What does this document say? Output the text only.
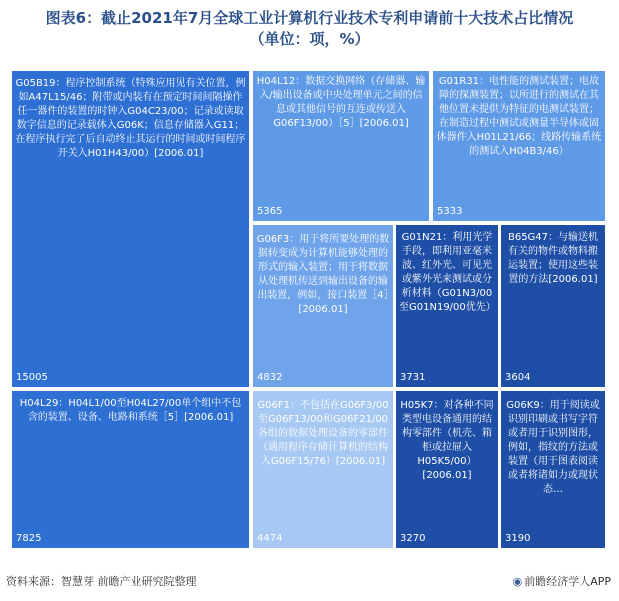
图表6：截止2021年7月全球工业计算机行业技术专利申请前十大技术占比情况
（单位：项，%）
G05B19：程序控制系统（特殊应用见有关位置，例如A47L15/46；附带或内装有在预定时间间隔操作任一器件的装置的时钟入G04C23/00；记录或读取数字信息的记录载体入G06K；信息存储器入G11；在程序执行完了后自动终止其运行的时间或时间程序开关入H01H43/00）[2006.01]
15005
H04L12：数据交换网络（存储器、输入/输出设备或中央处理单元之间的信息或其他信号的互连或传送入G06F13/00）［5］[2006.01]
5365
G01R31：电性能的测试装置；电故障的探测装置；以所进行的测试在其他位置未提供为特征的电测试装置；在制造过程中测试或测量半导体或固体器件入H01L21/66；线路传输系统的测试入H04B3/46）
5333
G06F3：用于将所要处理的数据转变成为计算机能够处理的形式的输入装置；用于将数据从处理机传送到输出设备的输出装置，例如，接口装置［4］[2006.01]
4832
G01N21：利用光学手段，即利用亚毫米波、红外光、可见光或紫外光来测试或分析材料（G01N3/00至G01N19/00优先）
3731
B65G47：与输送机有关的物件或物料搬运装置；使用这些装置的方法[2006.01]
3604
H04L29：H04L1/00至H04L27/00单个组中不包含的装置、设备、电路和系统［5］[2006.01]
7825
G06F1：不包括在G06F3/00至G06F13/00和G06F21/00各组的数据处理设备的零部件（通用程序存储计算机的结构入G06F15/76）[2006.01]
4474
H05K7：对各种不同类型电设备通用的结构零部件（机壳、箱柜或拉屉入H05K5/00）[2006.01]
3270
G06K9：用于阅读或识别印刷或书写字符或者用于识别图形，例如，指纹的方法或装置（用于图表阅读或者将诸如力或现状态…
3190
资料来源：智慧芽 前瞻产业研究院整理	◉ 前瞻经济学人APP
